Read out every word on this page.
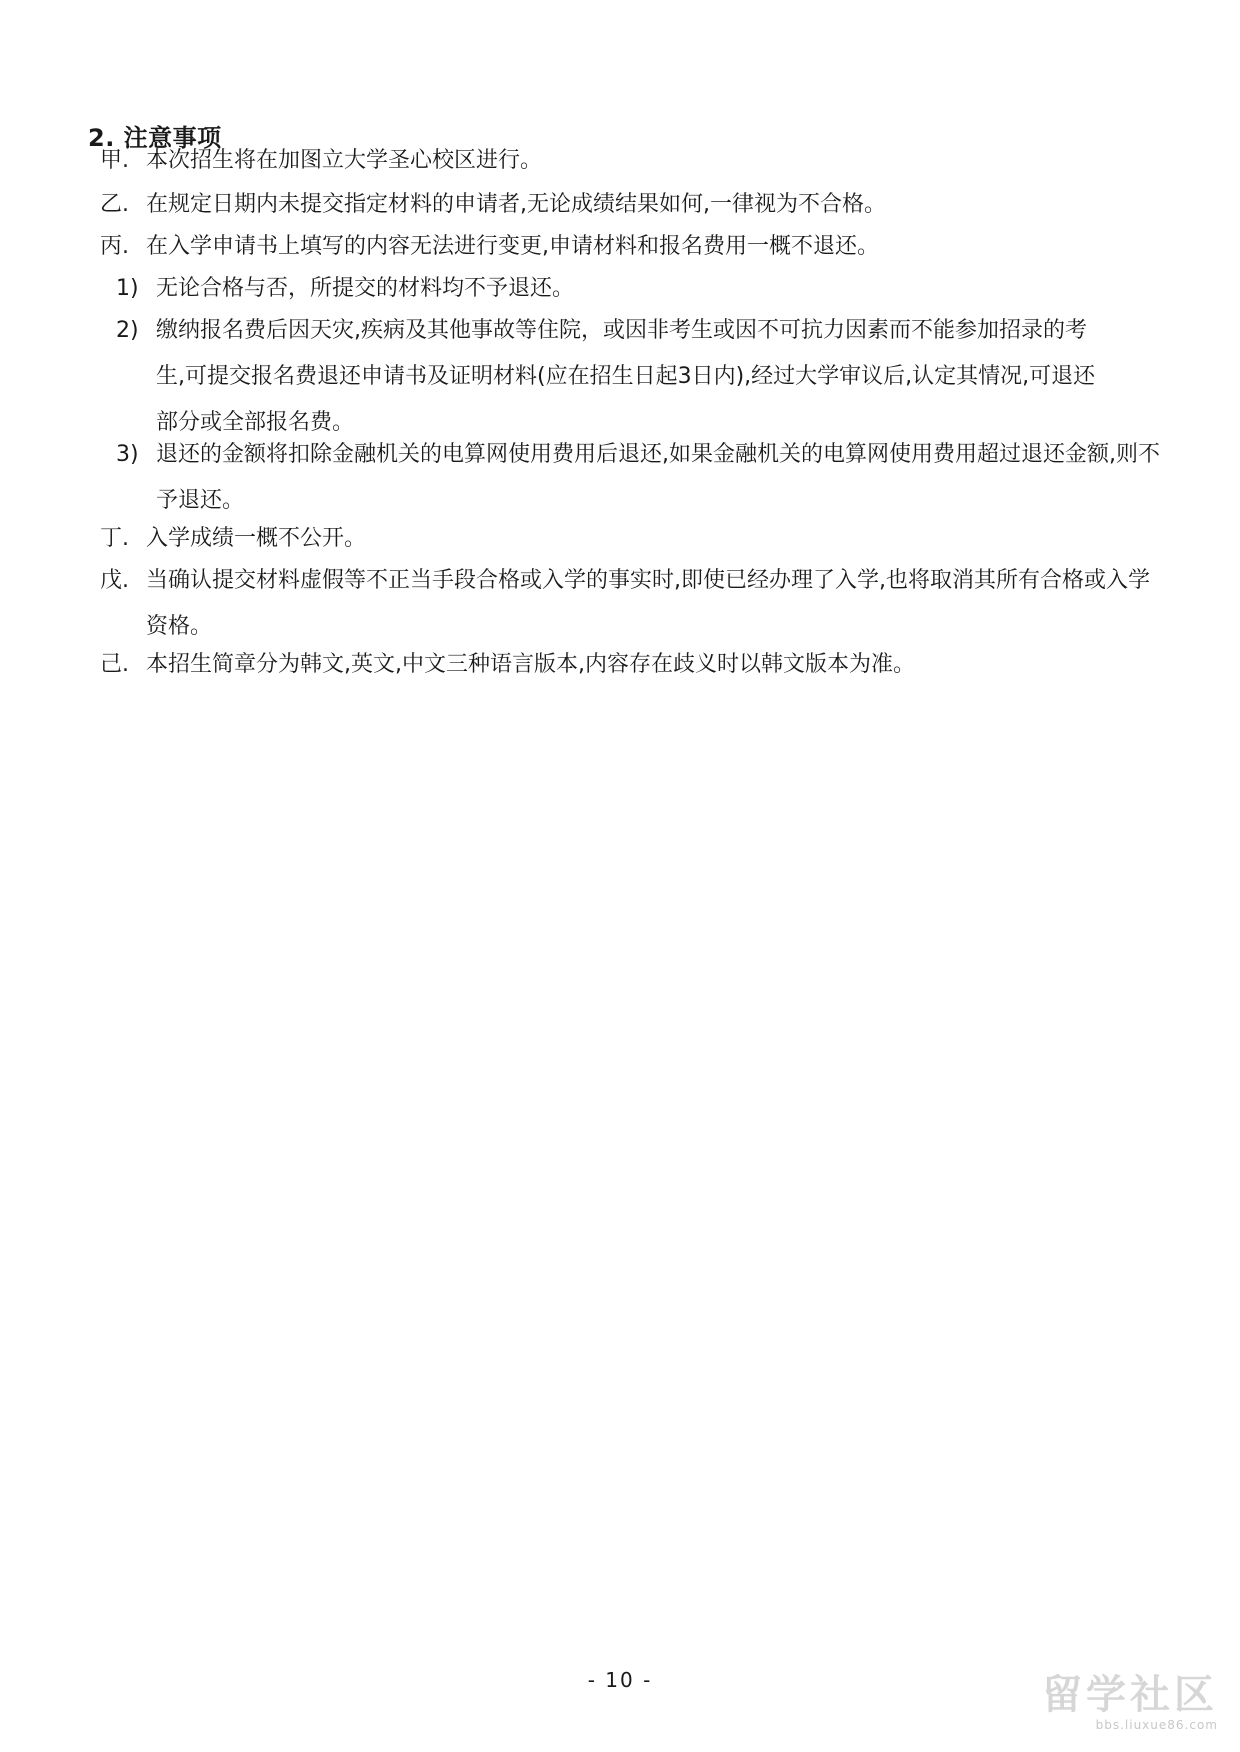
2. 注意事项
甲. 本次招生将在加图立大学圣心校区进行。
乙. 在规定日期内未提交指定材料的申请者,无论成绩结果如何,一律视为不合格。
丙. 在入学申请书上填写的内容无法进行变更,申请材料和报名费用一概不退还。
1) 无论合格与否，所提交的材料均不予退还。
2) 缴纳报名费后因天灾,疾病及其他事故等住院，或因非考生或因不可抗力因素而不能参加招录的考生,可提交报名费退还申请书及证明材料(应在招生日起3日内),经过大学审议后,认定其情况,可退还部分或全部报名费。
3) 退还的金额将扣除金融机关的电算网使用费用后退还,如果金融机关的电算网使用费用超过退还金额,则不予退还。
丁. 入学成绩一概不公开。
戊. 当确认提交材料虚假等不正当手段合格或入学的事实时,即使已经办理了入学,也将取消其所有合格或入学资格。
己. 本招生简章分为韩文,英文,中文三种语言版本,内容存在歧义时以韩文版本为准。
- 10 -	留学社区
bbs.liuxue86.com
